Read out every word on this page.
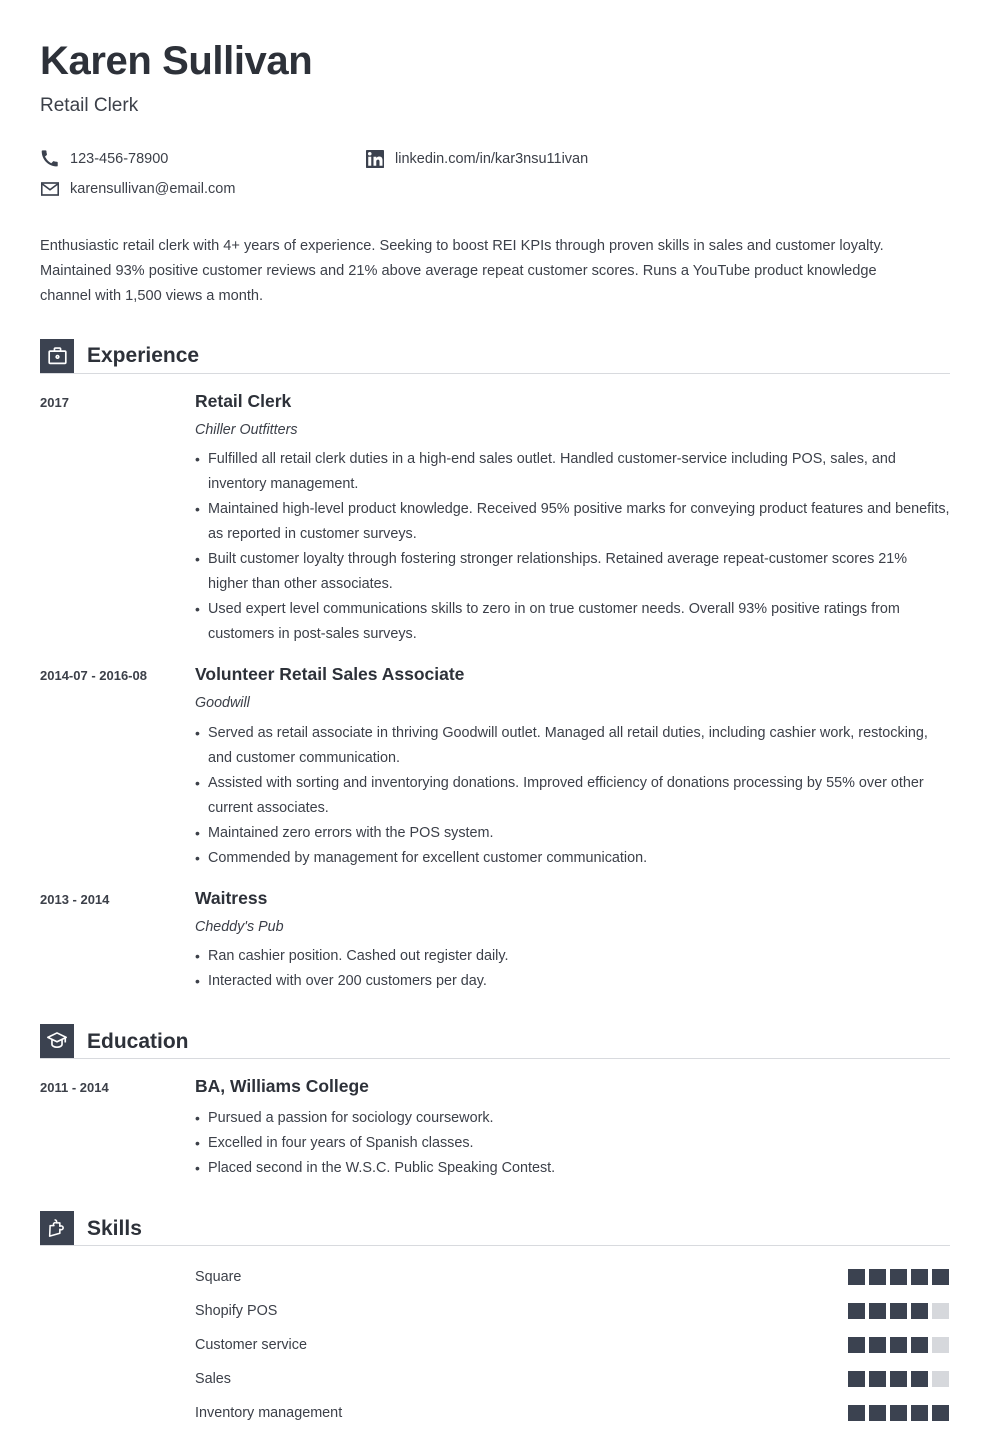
Karen Sullivan
Retail Clerk
123-456-78900	linkedin.com/in/kar3nsu11ivan
karensullivan@email.com

Enthusiastic retail clerk with 4+ years of experience. Seeking to boost REI KPIs through proven skills in sales and customer loyalty. Maintained 93% positive customer reviews and 21% above average repeat customer scores. Runs a YouTube product knowledge channel with 1,500 views a month.

Experience
2017	Retail Clerk
Chiller Outfitters
• Fulfilled all retail clerk duties in a high-end sales outlet. Handled customer-service including POS, sales, and inventory management.
• Maintained high-level product knowledge. Received 95% positive marks for conveying product features and benefits, as reported in customer surveys.
• Built customer loyalty through fostering stronger relationships. Retained average repeat-customer scores 21% higher than other associates.
• Used expert level communications skills to zero in on true customer needs. Overall 93% positive ratings from customers in post-sales surveys.
2014-07 - 2016-08	Volunteer Retail Sales Associate
Goodwill
• Served as retail associate in thriving Goodwill outlet. Managed all retail duties, including cashier work, restocking, and customer communication.
• Assisted with sorting and inventorying donations. Improved efficiency of donations processing by 55% over other current associates.
• Maintained zero errors with the POS system.
• Commended by management for excellent customer communication.
2013 - 2014	Waitress
Cheddy's Pub
• Ran cashier position. Cashed out register daily.
• Interacted with over 200 customers per day.
Education
2011 - 2014	BA, Williams College
• Pursued a passion for sociology coursework.
• Excelled in four years of Spanish classes.
• Placed second in the W.S.C. Public Speaking Contest.
Skills
Square
Shopify POS
Customer service
Sales
Inventory management
